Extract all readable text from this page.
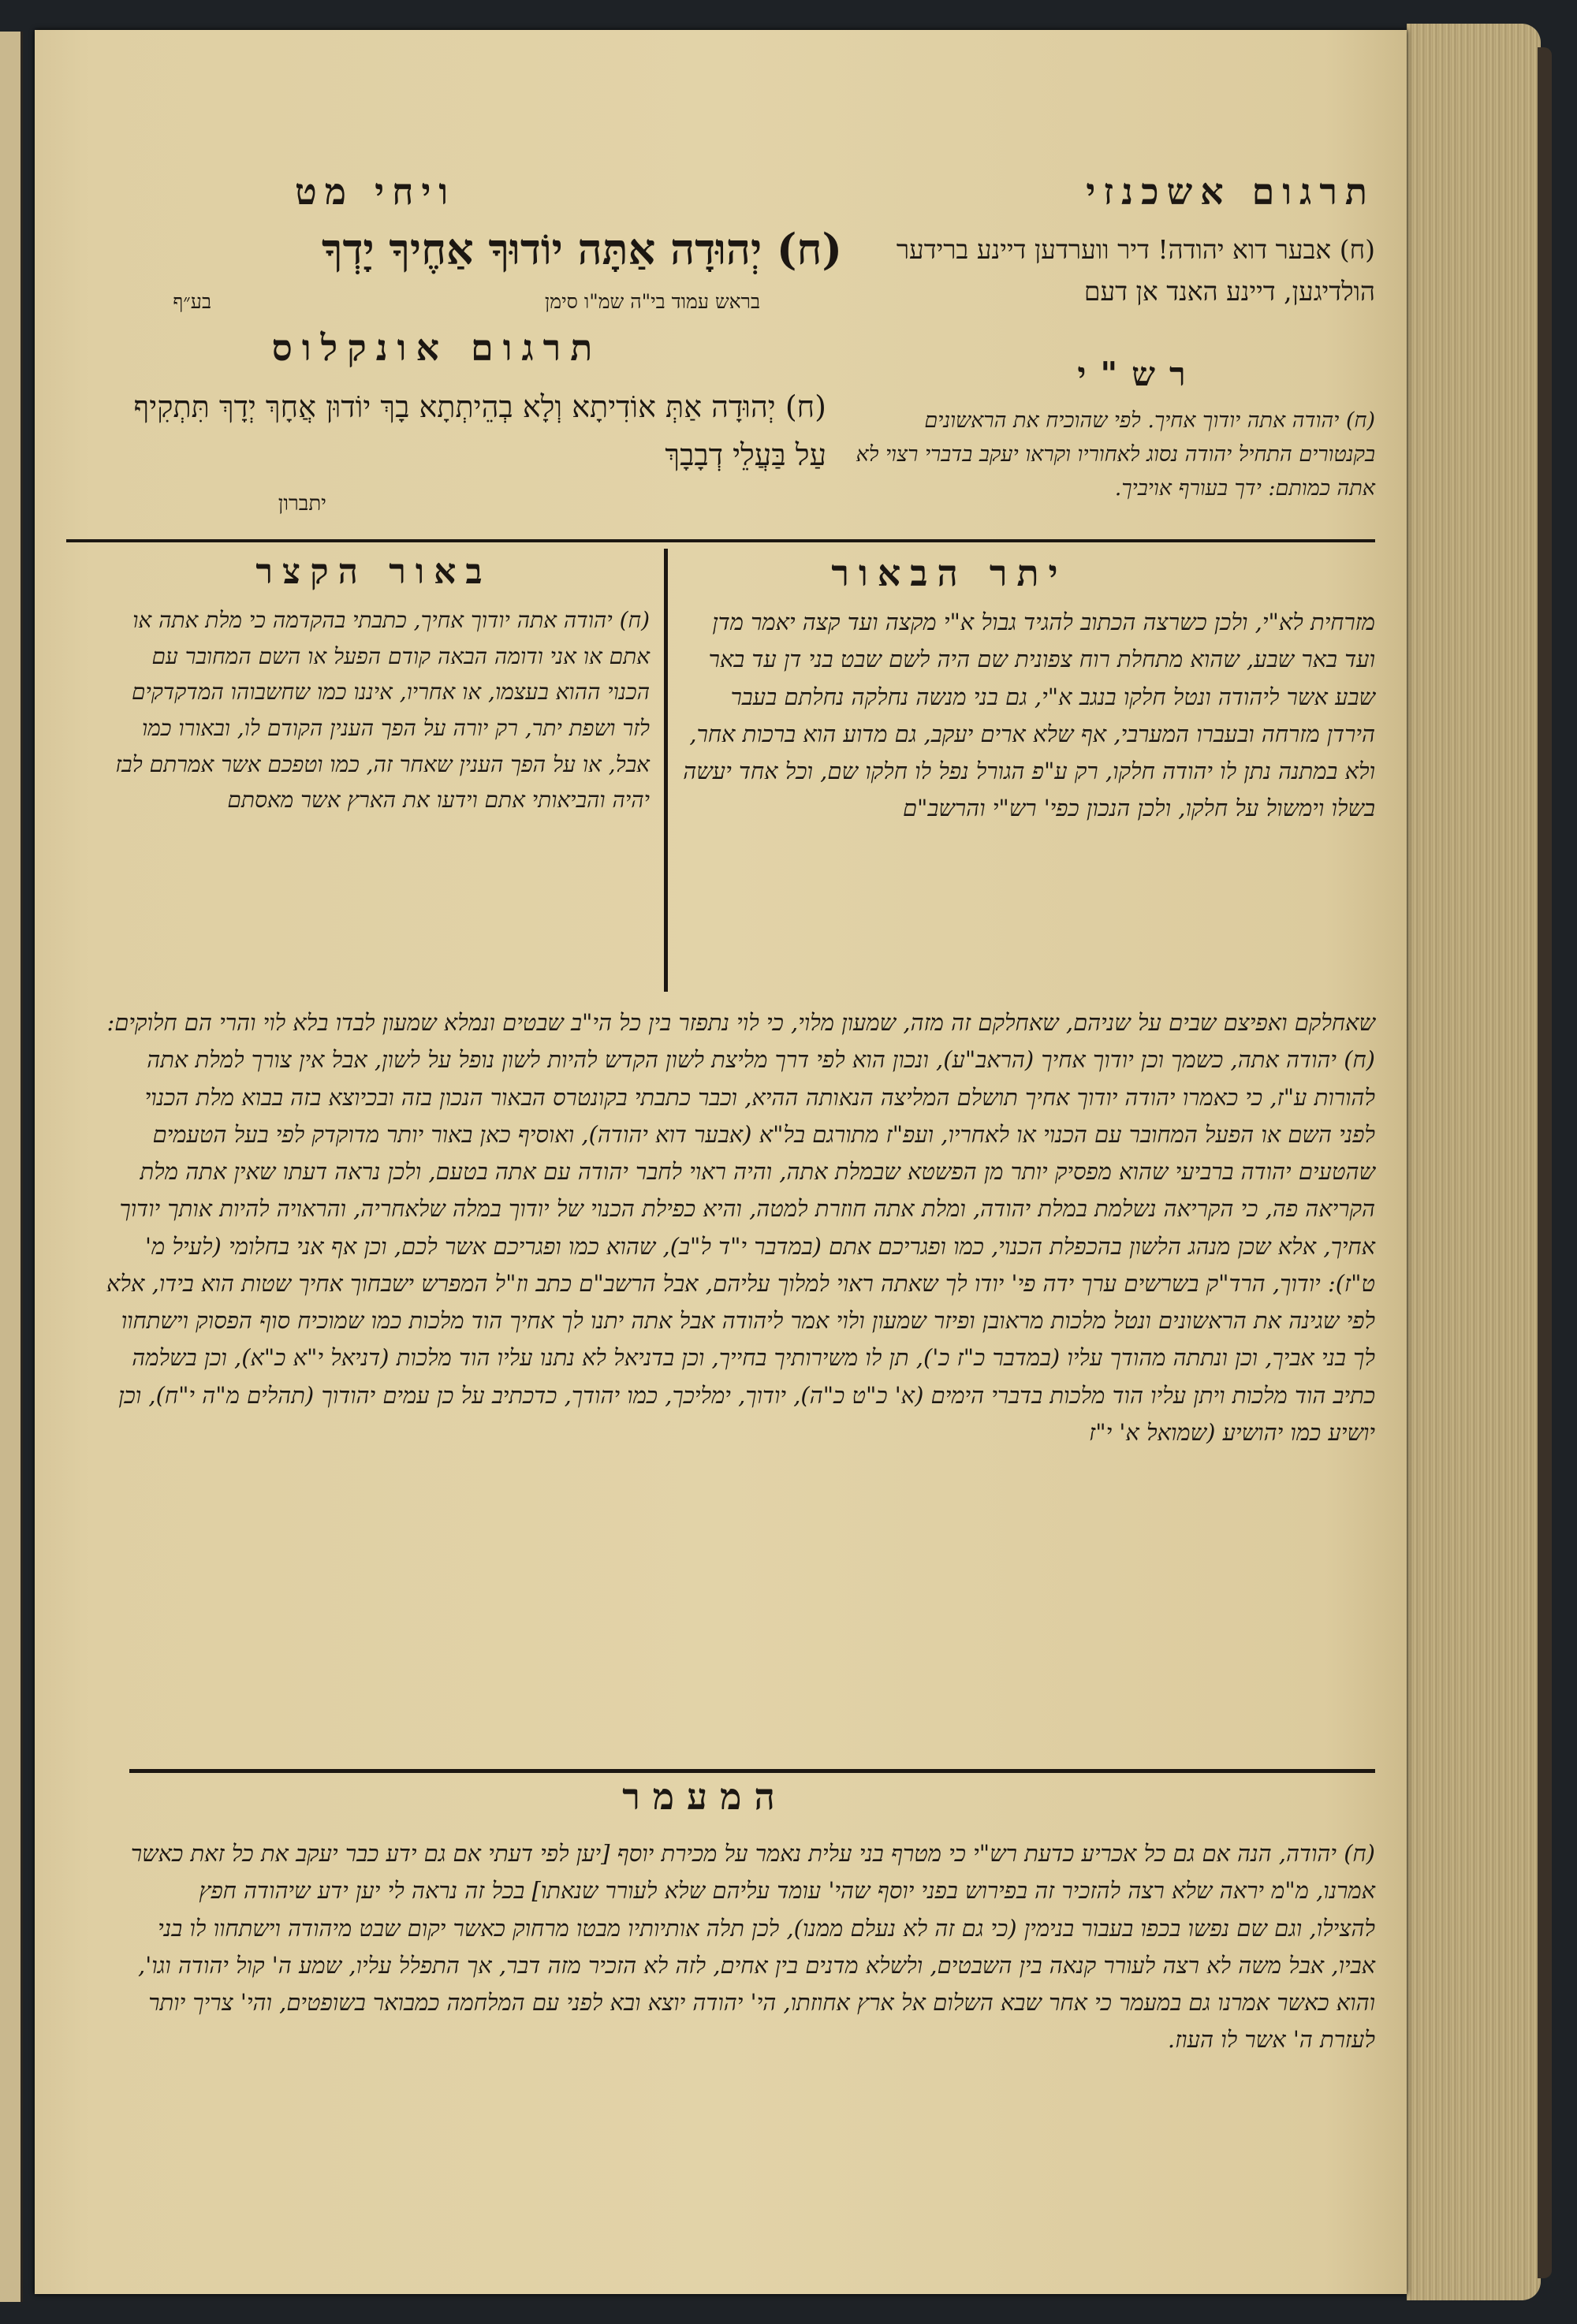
תרגום אשכנזי
ויחי מט
(ח) אבער דוא יהודה! דיר ווערדען דיינע ברידער הולדיגען, דיינע האנד אן דעם
רש"י
(ח) יהודה אתה יודוך אחיך. לפי שהוכיח את הראשונים בקנטורים התחיל יהודה נסוג לאחוריו וקראו יעקב בדברי רצוי לא אתה כמותם: ידך בעורף אויביך.
(ח) יְהוּדָה אַתָּה יוֹדוּךָ אַחֶיךָ יָדְךָ
בראש עמוד בי"ה שמ"ו סימן
בע״ף
תרגום אונקלוס
(ח) יְהוּדָה אַתְּ אוֹדִיתָא וְלָא בְהֵיתְתָא בָךְ יוֹדוּן אֲחָךְ יְדָךְ תִּתְקִיף עַל בַּעֲלֵי דְבָבָךְ
יתברון
יתר הבאור
מזרחית לא"י, ולכן כשרצה הכתוב להגיד גבול א"י מקצה ועד קצה יאמר מדן ועד באר שבע, שהוא מתחלת רוח צפונית שם היה לשם שבט בני דן עד באר שבע אשר ליהודה ונטל חלקו בנגב א"י, גם בני מנשה נחלקה נחלתם בעבר הירדן מזרחה ובעברו המערבי, אף שלא ארים יעקב, גם מדוע הוא ברכות אחר, ולא במתנה נתן לו יהודה חלקו, רק ע"פ הגורל נפל לו חלקו שם, וכל אחד יעשה בשלו וימשול על חלקו, ולכן הנכון כפי' רש"י והרשב"ם
באור הקצר
(ח) יהודה אתה יודוך אחיך, כתבתי בהקדמה כי מלת אתה או אתם או אני ודומה הבאה קודם הפעל או השם המחובר עם הכנוי ההוא בעצמו, או אחריו, איננו כמו שחשבוהו המדקדקים לזר ושפת יתר, רק יורה על הפך הענין הקודם לו, ובאורו כמו אבל, או על הפך הענין שאחר זה, כמו וטפכם אשר אמרתם לבז יהיה והביאותי אתם וידעו את הארץ אשר מאסתם
שאחלקם ואפיצם שבים על שניהם, שאחלקם זה מזה, שמעון מלוי, כי לוי נתפזר בין כל הי"ב שבטים ונמלא שמעון לבדו בלא לוי והרי הם חלוקים: (ח) יהודה אתה, כשמך וכן יודוך אחיך (הראב"ע), ונכון הוא לפי דרך מליצת לשון הקדש להיות לשון נופל על לשון, אבל אין צורך למלת אתה להורות ע"ז, כי כאמרו יהודה יודוך אחיך תושלם המליצה הנאותה ההיא, וכבר כתבתי בקונטרס הבאור הנכון בזה ובכיוצא בזה בבוא מלת הכנוי לפני השם או הפעל המחובר עם הכנוי או לאחריו, ועפ"ז מתורגם בל"א (אבער דוא יהודה), ואוסיף כאן באור יותר מדוקדק לפי בעל הטעמים שהטעים יהודה ברביעי שהוא מפסיק יותר מן הפשטא שבמלת אתה, והיה ראוי לחבר יהודה עם אתה בטעם, ולכן נראה דעתו שאין אתה מלת הקריאה פה, כי הקריאה נשלמת במלת יהודה, ומלת אתה חוזרת למטה, והיא כפילת הכנוי של יודוך במלה שלאחריה, והראויה להיות אותך יודוך אחיך, אלא שכן מנהג הלשון בהכפלת הכנוי, כמו ופגריכם אתם (במדבר י"ד ל"ב), שהוא כמו ופגריכם אשר לכם, וכן אף אני בחלומי (לעיל מ' ט"ז): יודוך, הרד"ק בשרשים ערך ידה פי' יודו לך שאתה ראוי למלוך עליהם, אבל הרשב"ם כתב וז"ל המפרש ישבחוך אחיך שטות הוא בידו, אלא לפי שגינה את הראשונים ונטל מלכות מראובן ופיזר שמעון ולוי אמר ליהודה אבל אתה יתנו לך אחיך הוד מלכות כמו שמוכיח סוף הפסוק וישתחוו לך בני אביך, וכן ונתתה מהודך עליו (במדבר כ"ז כ'), תן לו משירותיך בחייך, וכן בדניאל לא נתנו עליו הוד מלכות (דניאל י"א כ"א), וכן בשלמה כתיב הוד מלכות ויתן עליו הוד מלכות בדברי הימים (א' כ"ט כ"ה), יודוך, ימליכך, כמו יהודך, כדכתיב על כן עמים יהודוך (תהלים מ"ה י"ח), וכן יושיע כמו יהושיע (שמואל א' י"ז
המעמר
(ח) יהודה, הנה אם גם כל אכריע כדעת רש"י כי מטרף בני עלית נאמר על מכירת יוסף [יען לפי דעתי אם גם ידע כבר יעקב את כל זאת כאשר אמרנו, מ"מ יראה שלא רצה להזכיר זה בפירוש בפני יוסף שהי' עומד עליהם שלא לעורר שנאתו] בכל זה נראה לי יען ידע שיהודה חפץ להצילו, וגם שם נפשו בכפו בעבור בנימין (כי גם זה לא נעלם ממנו), לכן תלה אותיותיו מבטו מרחוק כאשר יקום שבט מיהודה וישתחוו לו בני אביו, אבל משה לא רצה לעורר קנאה בין השבטים, ולשלא מדנים בין אחים, לזה לא הזכיר מזה דבר, אך התפלל עליו, שמע ה' קול יהודה וגו', והוא כאשר אמרנו גם במעמר כי אחר שבא השלום אל ארץ אחוזתו, הי' יהודה יוצא ובא לפני עם המלחמה כמבואר בשופטים, והי' צריך יותר לעזרת ה' אשר לו העוז.
